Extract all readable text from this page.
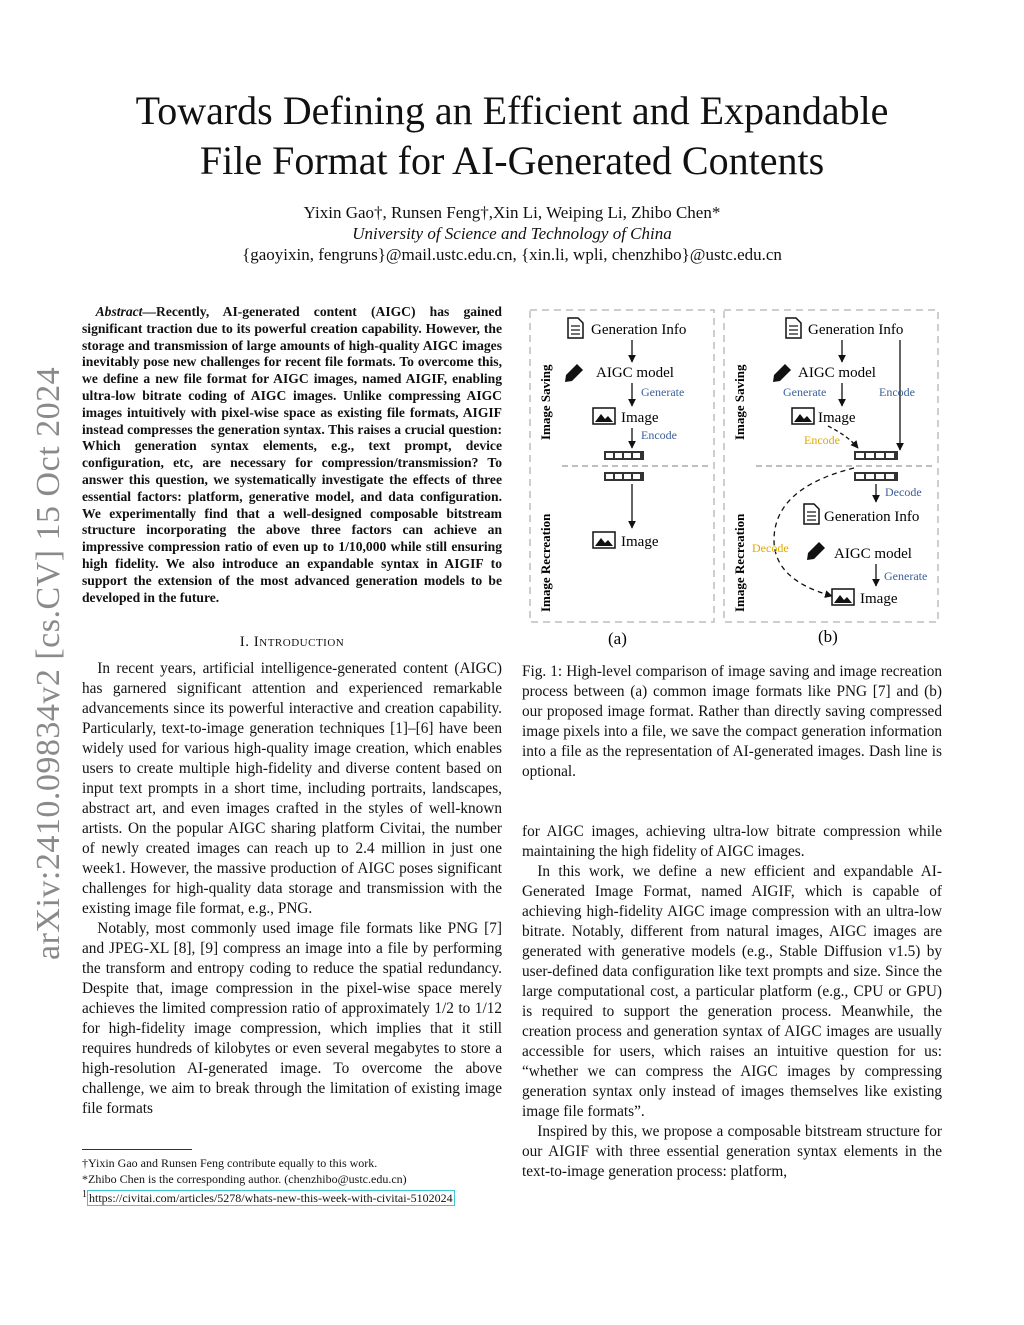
arXiv:2410.09834v2 [cs.CV] 15 Oct 2024
Towards Defining an Efficient and Expandable
File Format for AI-Generated Contents
Yixin Gao†, Runsen Feng†,Xin Li, Weiping Li, Zhibo Chen*
University of Science and Technology of China
{gaoyixin, fengruns}@mail.ustc.edu.cn, {xin.li, wpli, chenzhibo}@ustc.edu.cn
Abstract—Recently, AI-generated content (AIGC) has gained significant traction due to its powerful creation capability. However, the storage and transmission of large amounts of high-quality AIGC images inevitably pose new challenges for recent file formats. To overcome this, we define a new file format for AIGC images, named AIGIF, enabling ultra-low bitrate coding of AIGC images. Unlike compressing AIGC images intuitively with pixel-wise space as existing file formats, AIGIF instead compresses the generation syntax. This raises a crucial question: Which generation syntax elements, e.g., text prompt, device configuration, etc, are necessary for compression/transmission? To answer this question, we systematically investigate the effects of three essential factors: platform, generative model, and data configuration. We experimentally find that a well-designed composable bitstream structure incorporating the above three factors can achieve an impressive compression ratio of even up to 1/10,000 while still ensuring high fidelity. We also introduce an expandable syntax in AIGIF to support the extension of the most advanced generation models to be developed in the future.
I. Introduction

In recent years, artificial intelligence-generated content (AIGC) has garnered significant attention and experienced remarkable advancements since its powerful interactive and creation capability. Particularly, text-to-image generation techniques [1]–[6] have been widely used for various high-quality image creation, which enables users to create multiple high-fidelity and diverse content based on input text prompts in a short time, including portraits, landscapes, abstract art, and even images crafted in the styles of well-known artists. On the popular AIGC sharing platform Civitai, the number of newly created images can reach up to 2.4 million in just one week1. However, the massive production of AIGC poses significant challenges for high-quality data storage and transmission with the existing image file format, e.g., PNG.

Notably, most commonly used image file formats like PNG [7] and JPEG-XL [8], [9] compress an image into a file by performing the transform and entropy coding to reduce the spatial redundancy. Despite that, image compression in the pixel-wise space merely achieves the limited compression ratio of approximately 1/2 to 1/12 for high-fidelity image compression, which implies that it still requires hundreds of kilobytes or even several megabytes to store a high-resolution AI-generated image. To overcome the above challenge, we aim to break through the limitation of existing image file formats

†Yixin Gao and Runsen Feng contribute equally to this work.
*Zhibo Chen is the corresponding author. (chenzhibo@ustc.edu.cn)
$^1$ https://civitai.com/articles/5278/whats-new-this-week-with-civitai-5102024
Image Saving
Image Recreation
Image Saving
Image Recreation
Generation Info
AIGC model
Generate
Image
Encode
Image
Generation Info
Encode
AIGC model
Generate
Image
Encode
Decode
Generation Info
Decode	AIGC model
Generate
Image
(a)	(b)
Fig. 1: High-level comparison of image saving and image recreation process between (a) common image formats like PNG [7] and (b) our proposed image format. Rather than directly saving compressed image pixels into a file, we save the compact generation information into a file as the representation of AI-generated images. Dash line is optional.

for AIGC images, achieving ultra-low bitrate compression while maintaining the high fidelity of AIGC images.

In this work, we define a new efficient and expandable AI-Generated Image Format, named AIGIF, which is capable of achieving high-fidelity AIGC image compression with an ultra-low bitrate. Notably, different from natural images, AIGC images are generated with generative models (e.g., Stable Diffusion v1.5) by user-defined data configuration like text prompts and size. Since the large computational cost, a particular platform (e.g., CPU or GPU) is required to support the generation process. Meanwhile, the creation process and generation syntax of AIGC images are usually accessible for users, which raises an intuitive question for us: “whether we can compress the AIGC images by compressing generation syntax only instead of images themselves like existing image file formats”.

Inspired by this, we propose a composable bitstream structure for our AIGIF with three essential generation syntax elements in the text-to-image generation process: platform,
